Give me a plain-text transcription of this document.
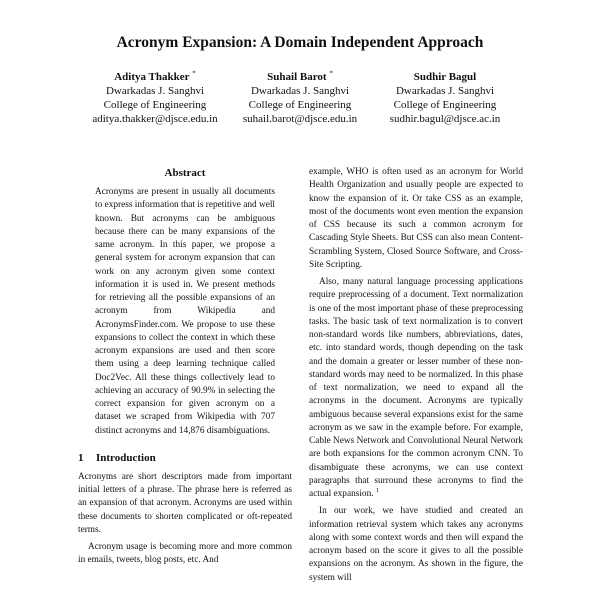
Acronym Expansion: A Domain Independent Approach
Aditya Thakker *
Dwarkadas J. Sanghvi
College of Engineering
aditya.thakker@djsce.edu.in
Suhail Barot *
Dwarkadas J. Sanghvi
College of Engineering
suhail.barot@djsce.edu.in
Sudhir Bagul
Dwarkadas J. Sanghvi
College of Engineering
sudhir.bagul@djsce.ac.in
Abstract

Acronyms are present in usually all documents to express information that is repetitive and well known. But acronyms can be ambiguous because there can be many expansions of the same acronym. In this paper, we propose a general system for acronym expansion that can work on any acronym given some context information it is used in. We present methods for retrieving all the possible expansions of an acronym from Wikipedia and AcronymsFinder.com. We propose to use these expansions to collect the context in which these acronym expansions are used and then score them using a deep learning technique called Doc2Vec. All these things collectively lead to achieving an accuracy of 90.9% in selecting the correct expansion for given acronym on a dataset we scraped from Wikipedia with 707 distinct acronyms and 14,876 disambiguations.

1 Introduction

Acronyms are short descriptors made from important initial letters of a phrase. The phrase here is referred as an expansion of that acronym. Acronyms are used within these documents to shorten complicated or oft-repeated terms.

Acronym usage is becoming more and more common in emails, tweets, blog posts, etc. And

example, WHO is often used as an acronym for World Health Organization and usually people are expected to know the expansion of it. Or take CSS as an example, most of the documents wont even mention the expansion of CSS because its such a common acronym for Cascading Style Sheets. But CSS can also mean Content-Scrambling System, Closed Source Software, and Cross-Site Scripting.

Also, many natural language processing applications require preprocessing of a document. Text normalization is one of the most important phase of these preprocessing tasks. The basic task of text normalization is to convert non-standard words like numbers, abbreviations, dates, etc. into standard words, though depending on the task and the domain a greater or lesser number of these non-standard words may need to be normalized. In this phase of text normalization, we need to expand all the acronyms in the document. Acronyms are typically ambiguous because several expansions exist for the same acronym as we saw in the example before. For example, Cable News Network and Convolutional Neural Network are both expansions for the common acronym CNN. To disambiguate these acronyms, we can use context paragraphs that surround these acronyms to find the actual expansion. $^1$

In our work, we have studied and created an information retrieval system which takes any acronyms along with some context words and then will expand the acronym based on the score it gives to all the possible expansions on the acronym. As shown in the figure, the system will
